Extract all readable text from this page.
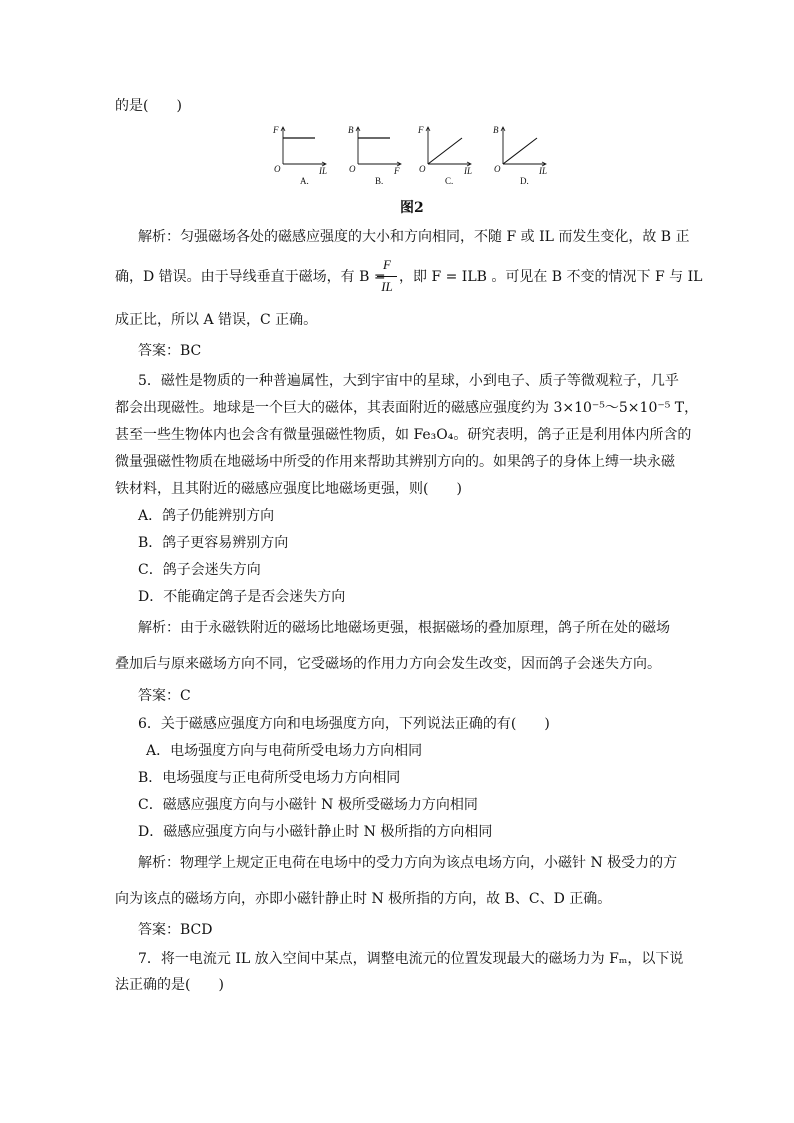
的是(　　)
F
O	IL
A.
B
O	F
B.
F
O	IL
C.
B
O	IL
D.
图2
解析：匀强磁场各处的磁感应强度的大小和方向相同，不随 F 或 IL 而发生变化，故 B 正
确，D 错误。由于导线垂直于磁场，有 B =
F
IL
，即 F = ILB 。可见在 B 不变的情况下 F 与 IL
成正比，所以 A 错误，C 正确。
答案：BC
5．磁性是物质的一种普遍属性，大到宇宙中的星球，小到电子、质子等微观粒子，几乎
都会出现磁性。地球是一个巨大的磁体，其表面附近的磁感应强度约为 3×10⁻⁵～5×10⁻⁵ T，
甚至一些生物体内也会含有微量强磁性物质，如 Fe₃O₄。研究表明，鸽子正是利用体内所含的
微量强磁性物质在地磁场中所受的作用来帮助其辨别方向的。如果鸽子的身体上缚一块永磁
铁材料，且其附近的磁感应强度比地磁场更强，则(　　)
A．鸽子仍能辨别方向
B．鸽子更容易辨别方向
C．鸽子会迷失方向
D．不能确定鸽子是否会迷失方向
解析：由于永磁铁附近的磁场比地磁场更强，根据磁场的叠加原理，鸽子所在处的磁场
叠加后与原来磁场方向不同，它受磁场的作用力方向会发生改变，因而鸽子会迷失方向。
答案：C
6．关于磁感应强度方向和电场强度方向，下列说法正确的有(　　)
A．电场强度方向与电荷所受电场力方向相同
B．电场强度与正电荷所受电场力方向相同
C．磁感应强度方向与小磁针 N 极所受磁场力方向相同
D．磁感应强度方向与小磁针静止时 N 极所指的方向相同
解析：物理学上规定正电荷在电场中的受力方向为该点电场方向，小磁针 N 极受力的方
向为该点的磁场方向，亦即小磁针静止时 N 极所指的方向，故 B、C、D 正确。
答案：BCD
7．将一电流元 IL 放入空间中某点，调整电流元的位置发现最大的磁场力为 Fₘ，以下说
法正确的是(　　)
